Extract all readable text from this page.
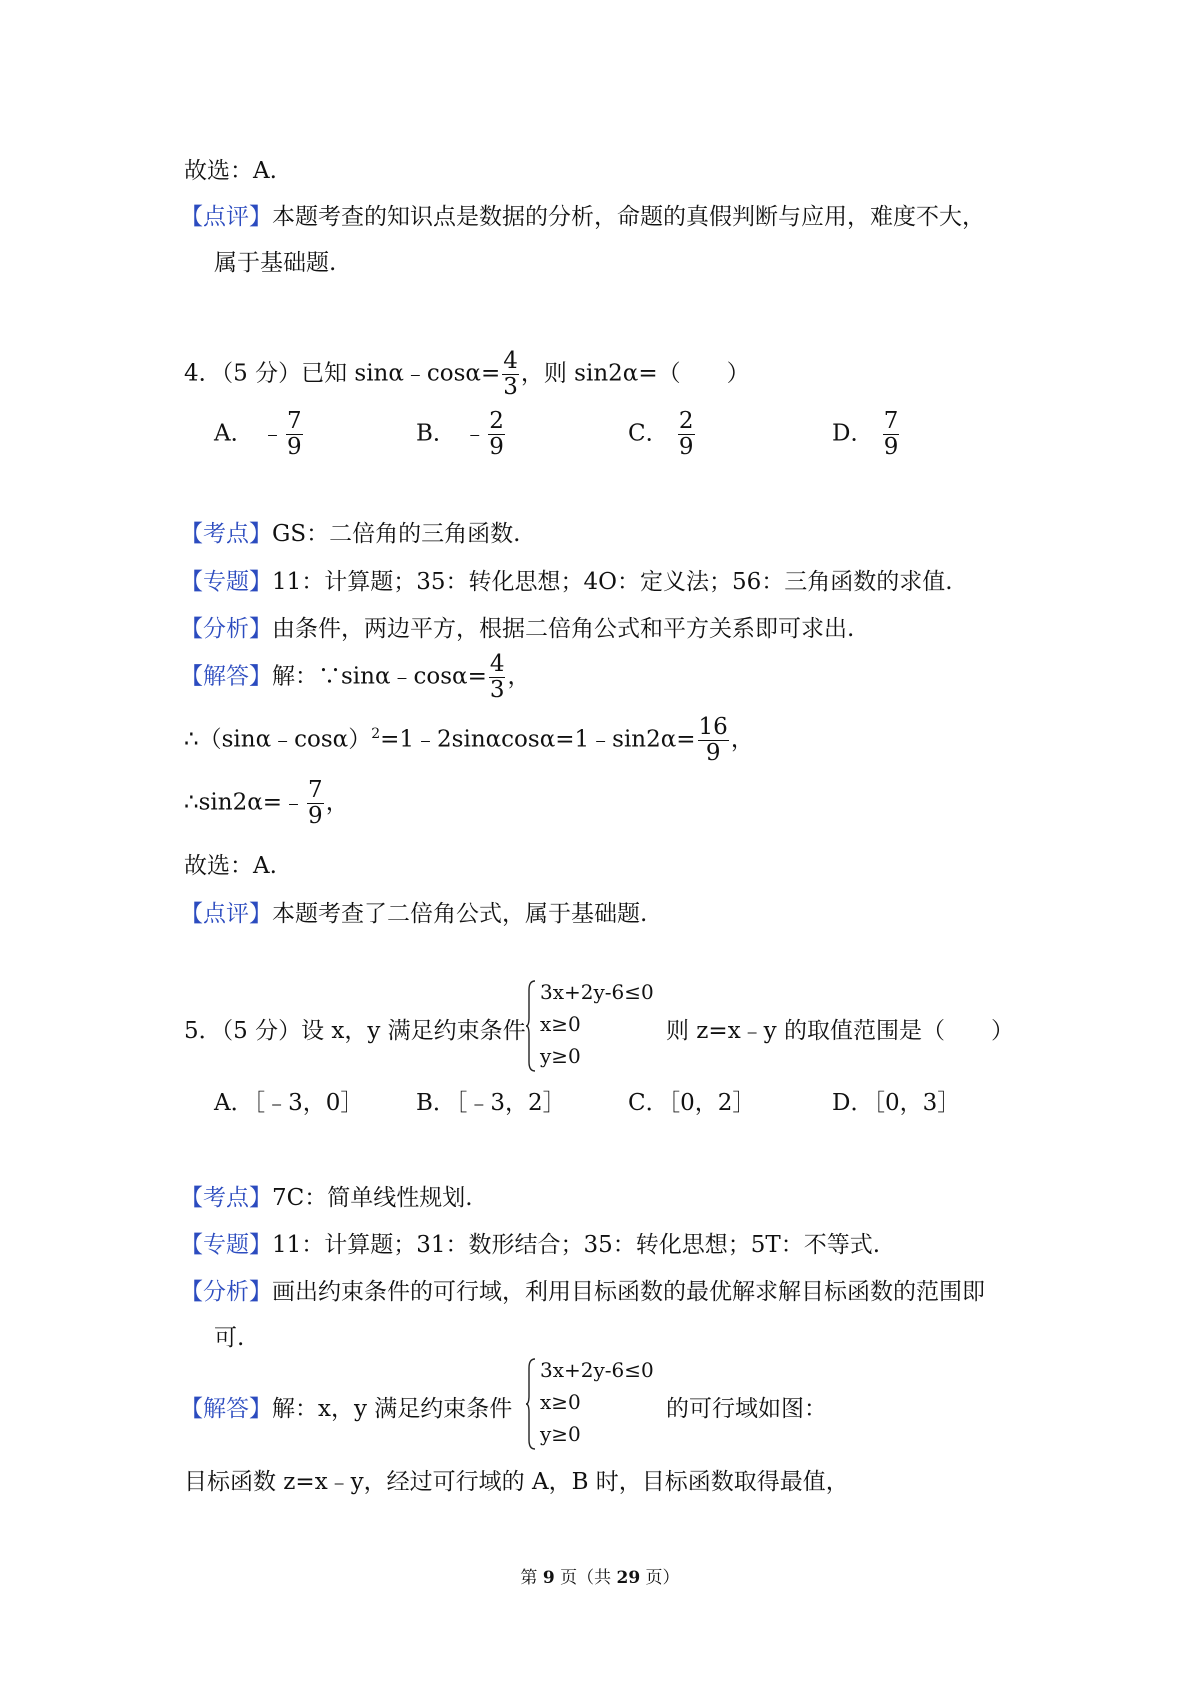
故选：A.
【点评】本题考查的知识点是数据的分析，命题的真假判断与应用，难度不大，
属于基础题.
4．（5 分）已知 sinα﹣cosα= $\frac{4}{3}$ ，则 sin2α=（　　）
A． ﹣ $\frac{7}{9}$	B． ﹣ $\frac{2}{9}$	C． $\frac{2}{9}$	D． $\frac{7}{9}$
【考点】GS：二倍角的三角函数.
【专题】11：计算题；35：转化思想；4O：定义法；56：三角函数的求值.
【分析】由条件，两边平方，根据二倍角公式和平方关系即可求出.
【解答】解：∵sinα﹣cosα= $\frac{4}{3}$ ，
∴（sinα﹣cosα）$^2$=1﹣2sinαcosα=1﹣sin2α= $\frac{16}{9}$ ，
∴sin2α=﹣ $\frac{7}{9}$ ，
故选：A.
【点评】本题考查了二倍角公式，属于基础题.
5．（5 分）设 x，y 满足约束条件
3x+2y-6≤0
x≥0
y≥0
则 z=x﹣y 的取值范围是（　　）
A．［﹣3，0］ B．［﹣3，2］	C．［0，2］	D．［0，3］
【考点】7C：简单线性规划.
【专题】11：计算题；31：数形结合；35：转化思想；5T：不等式.
【分析】画出约束条件的可行域，利用目标函数的最优解求解目标函数的范围即
可.
【解答】解：x，y 满足约束条件
3x+2y-6≤0
x≥0
y≥0
的可行域如图：
目标函数 z=x﹣y，经过可行域的 A，B 时，目标函数取得最值，
第 9 页（共 29 页）
